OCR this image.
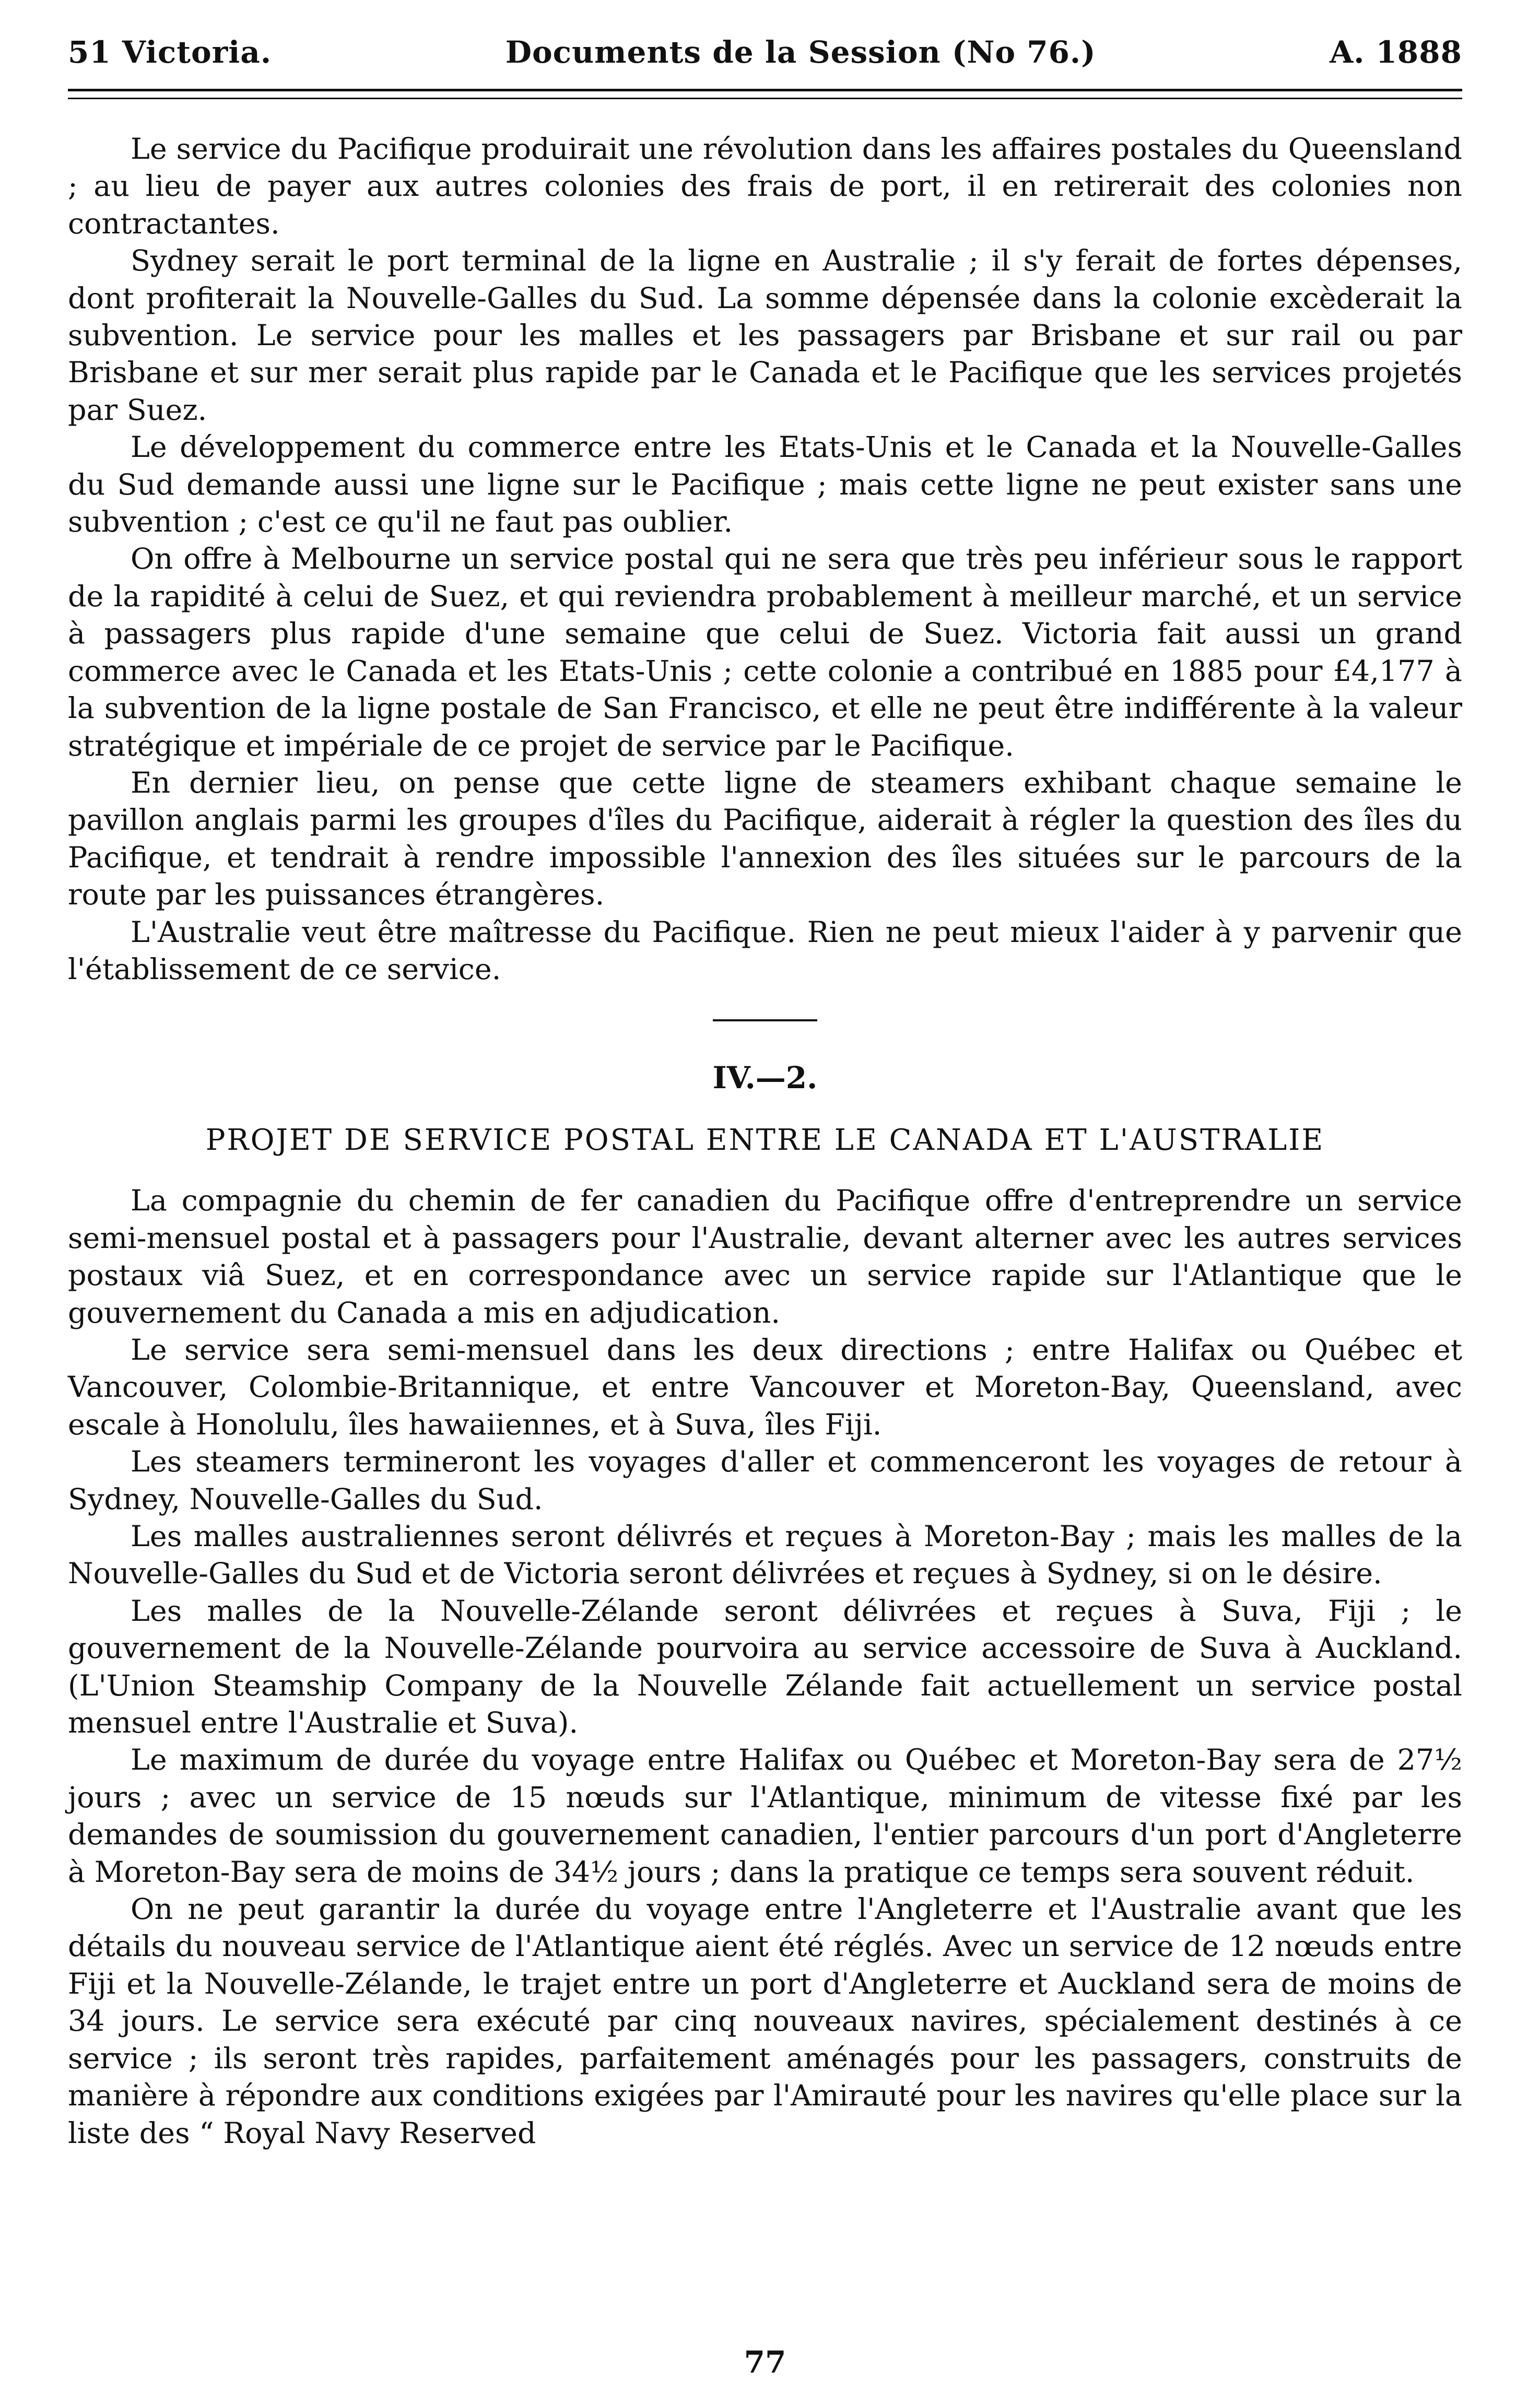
51 Victoria.	Documents de la Session (No 76.)	A. 1888

Le service du Pacifique produirait une révolution dans les affaires postales du Queensland ; au lieu de payer aux autres colonies des frais de port, il en retirerait des colonies non contractantes.

Sydney serait le port terminal de la ligne en Australie ; il s'y ferait de fortes dépenses, dont profiterait la Nouvelle-Galles du Sud. La somme dépensée dans la colonie excèderait la subvention. Le service pour les malles et les passagers par Brisbane et sur rail ou par Brisbane et sur mer serait plus rapide par le Canada et le Pacifique que les services projetés par Suez.

Le développement du commerce entre les Etats-Unis et le Canada et la Nouvelle-Galles du Sud demande aussi une ligne sur le Pacifique ; mais cette ligne ne peut exister sans une subvention ; c'est ce qu'il ne faut pas oublier.

On offre à Melbourne un service postal qui ne sera que très peu inférieur sous le rapport de la rapidité à celui de Suez, et qui reviendra probablement à meilleur marché, et un service à passagers plus rapide d'une semaine que celui de Suez. Victoria fait aussi un grand commerce avec le Canada et les Etats-Unis ; cette colonie a contribué en 1885 pour £4,177 à la subvention de la ligne postale de San Francisco, et elle ne peut être indifférente à la valeur stratégique et impériale de ce projet de service par le Pacifique.

En dernier lieu, on pense que cette ligne de steamers exhibant chaque semaine le pavillon anglais parmi les groupes d'îles du Pacifique, aiderait à régler la question des îles du Pacifique, et tendrait à rendre impossible l'annexion des îles situées sur le parcours de la route par les puissances étrangères.

L'Australie veut être maîtresse du Pacifique. Rien ne peut mieux l'aider à y parvenir que l'établissement de ce service.

IV.—2.
PROJET DE SERVICE POSTAL ENTRE LE CANADA ET L'AUSTRALIE

La compagnie du chemin de fer canadien du Pacifique offre d'entreprendre un service semi-mensuel postal et à passagers pour l'Australie, devant alterner avec les autres services postaux viâ Suez, et en correspondance avec un service rapide sur l'Atlantique que le gouvernement du Canada a mis en adjudication.

Le service sera semi-mensuel dans les deux directions ; entre Halifax ou Québec et Vancouver, Colombie-Britannique, et entre Vancouver et Moreton-Bay, Queensland, avec escale à Honolulu, îles hawaiiennes, et à Suva, îles Fiji.

Les steamers termineront les voyages d'aller et commenceront les voyages de retour à Sydney, Nouvelle-Galles du Sud.

Les malles australiennes seront délivrés et reçues à Moreton-Bay ; mais les malles de la Nouvelle-Galles du Sud et de Victoria seront délivrées et reçues à Sydney, si on le désire.

Les malles de la Nouvelle-Zélande seront délivrées et reçues à Suva, Fiji ; le gouvernement de la Nouvelle-Zélande pourvoira au service accessoire de Suva à Auckland. (L'Union Steamship Company de la Nouvelle Zélande fait actuellement un service postal mensuel entre l'Australie et Suva).

Le maximum de durée du voyage entre Halifax ou Québec et Moreton-Bay sera de 27½ jours ; avec un service de 15 nœuds sur l'Atlantique, minimum de vitesse fixé par les demandes de soumission du gouvernement canadien, l'entier parcours d'un port d'Angleterre à Moreton-Bay sera de moins de 34½ jours ; dans la pratique ce temps sera souvent réduit.

On ne peut garantir la durée du voyage entre l'Angleterre et l'Australie avant que les détails du nouveau service de l'Atlantique aient été réglés. Avec un service de 12 nœuds entre Fiji et la Nouvelle-Zélande, le trajet entre un port d'Angleterre et Auckland sera de moins de 34 jours. Le service sera exécuté par cinq nouveaux navires, spécialement destinés à ce service ; ils seront très rapides, parfaitement aménagés pour les passagers, construits de manière à répondre aux conditions exigées par l'Amirauté pour les navires qu'elle place sur la liste des “ Royal Navy Reserved

77
